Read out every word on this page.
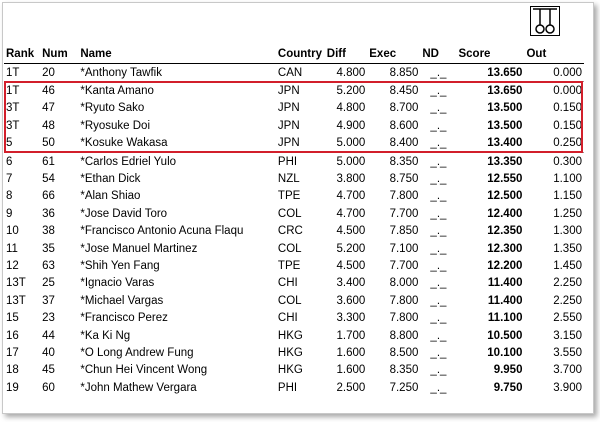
Rank	Num	Name	Country	Diff	Exec	ND	Score	Out
1T	20	*Anthony Tawfik	CAN	4.800	8.850	_._	13.650	0.000
1T	46	*Kanta Amano	JPN	5.200	8.450	_._	13.650	0.000
3T	47	*Ryuto Sako	JPN	4.800	8.700	_._	13.500	0.150
3T	48	*Ryosuke Doi	JPN	4.900	8.600	_._	13.500	0.150
5	50	*Kosuke Wakasa	JPN	5.000	8.400	_._	13.400	0.250
6	61	*Carlos Edriel Yulo	PHI	5.000	8.350	_._	13.350	0.300
7	54	*Ethan Dick	NZL	3.800	8.750	_._	12.550	1.100
8	66	*Alan Shiao	TPE	4.700	7.800	_._	12.500	1.150
9	36	*Jose David Toro	COL	4.700	7.700	_._	12.400	1.250
10	38	*Francisco Antonio Acuna Flaqu	CRC	4.500	7.850	_._	12.350	1.300
11	35	*Jose Manuel Martinez	COL	5.200	7.100	_._	12.300	1.350
12	63	*Shih Yen Fang	TPE	4.500	7.700	_._	12.200	1.450
13T	25	*Ignacio Varas	CHI	3.400	8.000	_._	11.400	2.250
13T	37	*Michael Vargas	COL	3.600	7.800	_._	11.400	2.250
15	23	*Francisco Perez	CHI	3.300	7.800	_._	11.100	2.550
16	44	*Ka Ki Ng	HKG	1.700	8.800	_._	10.500	3.150
17	40	*O Long Andrew Fung	HKG	1.600	8.500	_._	10.100	3.550
18	45	*Chun Hei Vincent Wong	HKG	1.600	8.350	_._	9.950	3.700
19	60	*John Mathew Vergara	PHI	2.500	7.250	_._	9.750	3.900
